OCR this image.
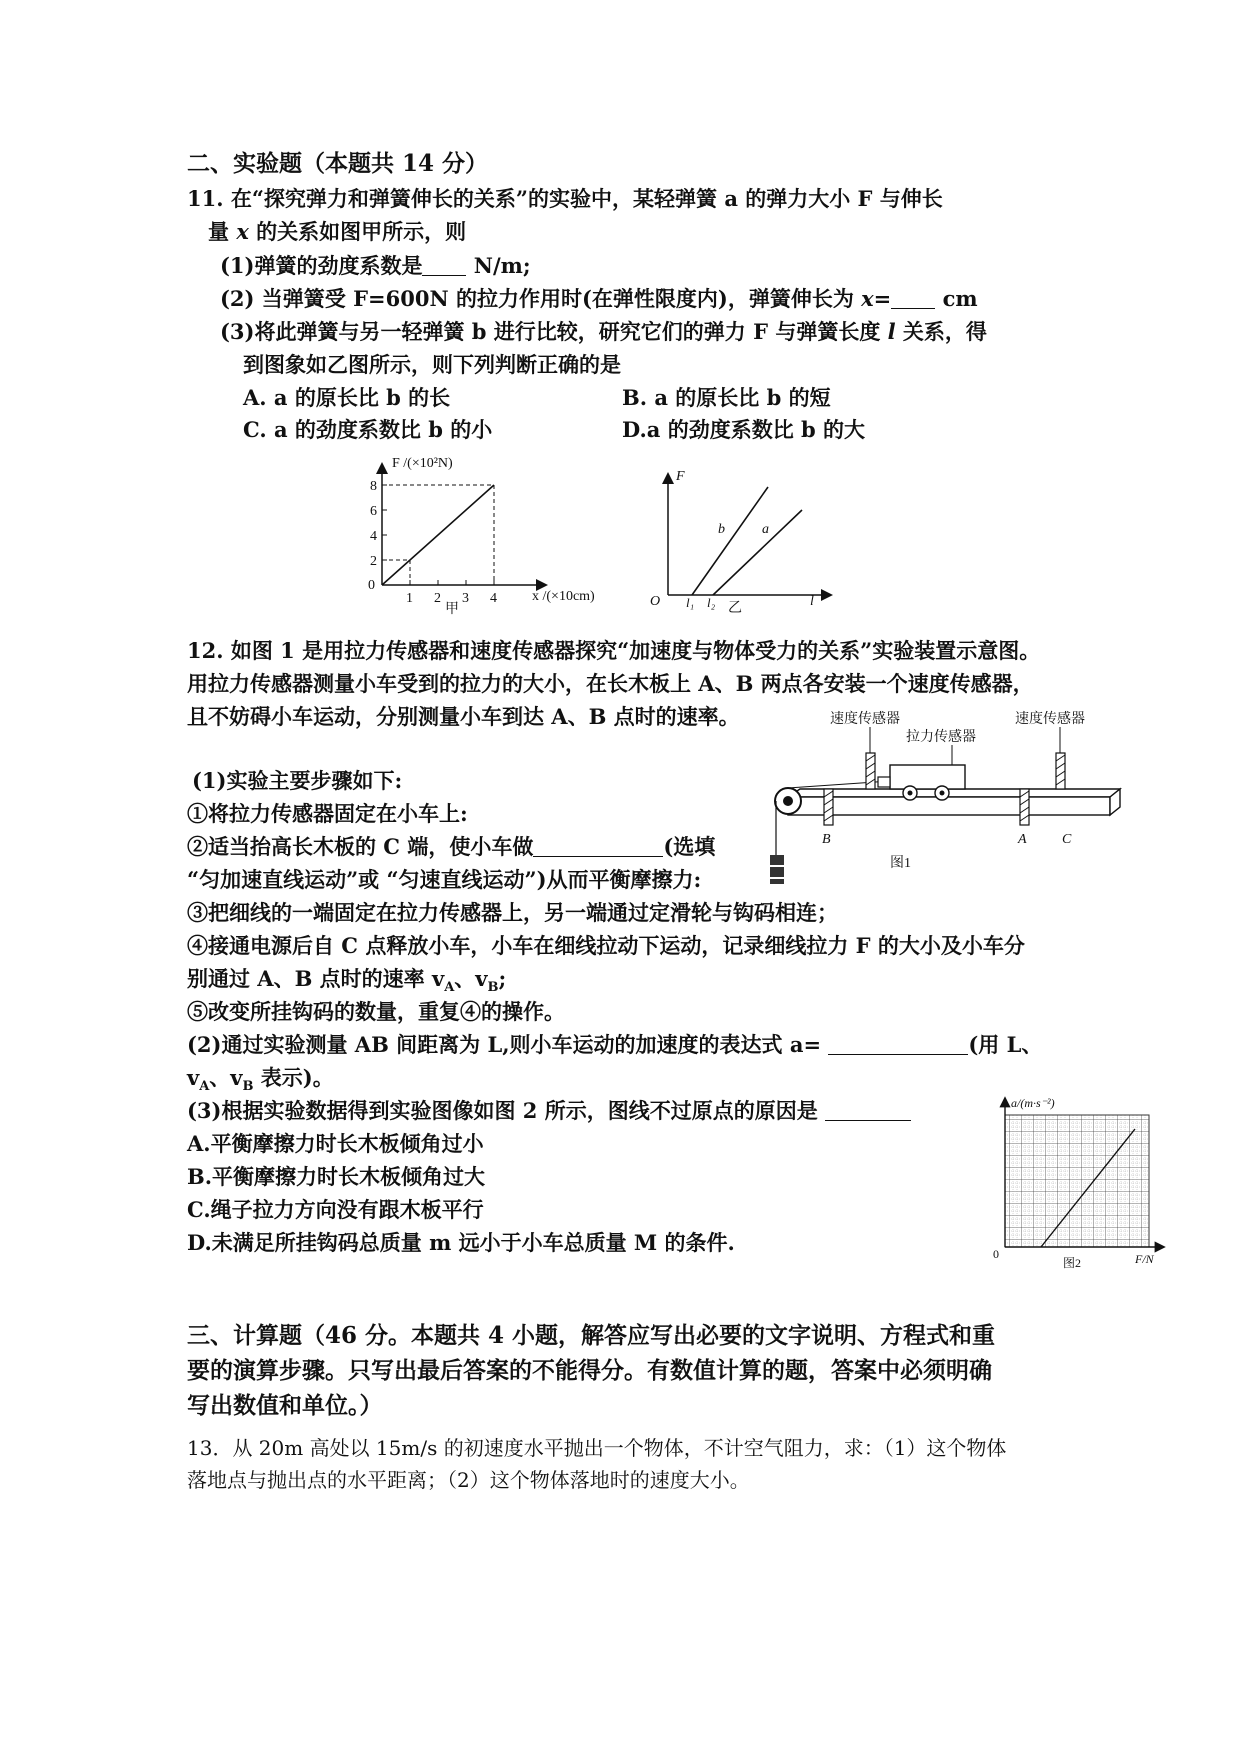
二、实验题（本题共 14 分）
11. 在“探究弹力和弹簧伸长的关系”的实验中，某轻弹簧 a 的弹力大小 F 与伸长
量 x 的关系如图甲所示，则
(1)弹簧的劲度系数是 N/m;
(2) 当弹簧受 F=600N 的拉力作用时(在弹性限度内)，弹簧伸长为 x= cm
(3)将此弹簧与另一轻弹簧 b 进行比较，研究它们的弹力 F 与弹簧长度 l 关系，得
到图象如乙图所示，则下列判断正确的是
A. a 的原长比 b 的长	B. a 的原长比 b 的短
C. a 的劲度系数比 b 的小	D.a 的劲度系数比 b 的大
F /(×10²N)
x /(×10cm)
0
1 2 3 4
2
4
6
8
甲
F
l
O l₁ l₂
b	a
乙
12. 如图 1 是用拉力传感器和速度传感器探究“加速度与物体受力的关系”实验装置示意图。
用拉力传感器测量小车受到的拉力的大小，在长木板上 A、B 两点各安装一个速度传感器，
且不妨碍小车运动，分别测量小车到达 A、B 点时的速率。	速度传感器
拉力传感器
速度传感器
B	A	C
图1
(1)实验主要步骤如下:
①将拉力传感器固定在小车上:
②适当抬高长木板的 C 端，使小车做	(选填
“匀加速直线运动”或 “匀速直线运动”)从而平衡摩擦力:
③把细线的一端固定在拉力传感器上，另一端通过定滑轮与钩码相连；
④接通电源后自 C 点释放小车，小车在细线拉动下运动，记录细线拉力 F 的大小及小车分
别通过 A、B 点时的速率 $v_A$、$v_B$;
⑤改变所挂钩码的数量，重复④的操作。
(2)通过实验测量 AB 间距离为 L,则小车运动的加速度的表达式 a=	(用 L、
$v_A$、$v_B$ 表示)。
(3)根据实验数据得到实验图像如图 2 所示，图线不过原点的原因是
A.平衡摩擦力时长木板倾角过小
B.平衡摩擦力时长木板倾角过大
C.绳子拉力方向没有跟木板平行
D.未满足所挂钩码总质量 m 远小于小车总质量 M 的条件.
a/(m·s⁻²)
F/N
0
图2
三、计算题（46 分。本题共 4 小题，解答应写出必要的文字说明、方程式和重
要的演算步骤。只写出最后答案的不能得分。有数值计算的题，答案中必须明确
写出数值和单位。）
13．从 20m 高处以 15m/s 的初速度水平抛出一个物体，不计空气阻力，求：（1）这个物体
落地点与抛出点的水平距离；（2）这个物体落地时的速度大小。
